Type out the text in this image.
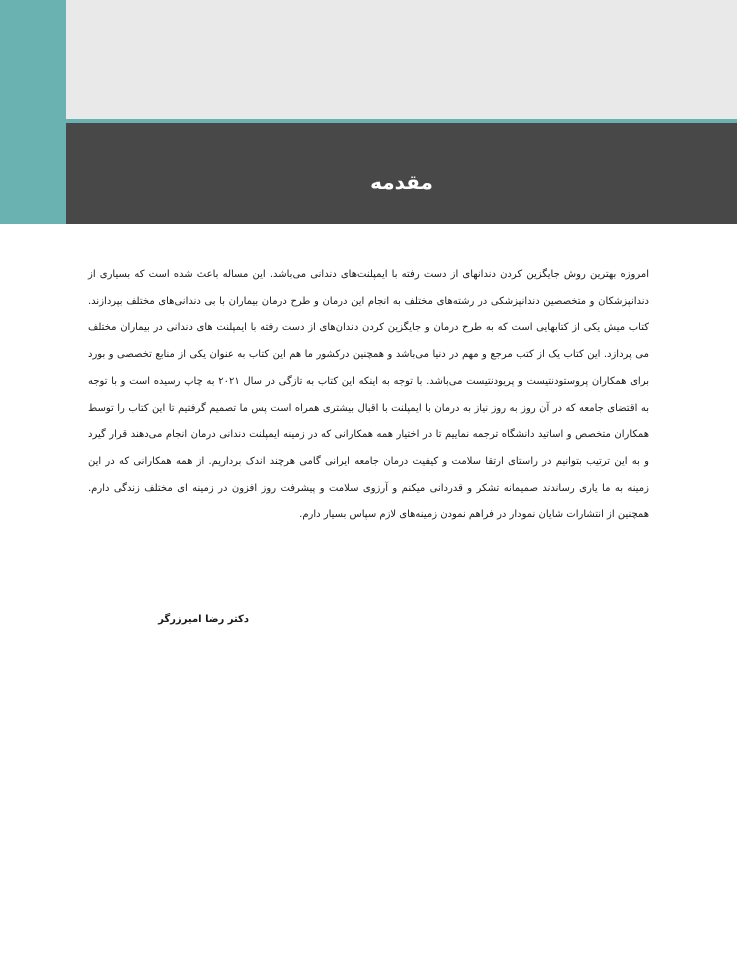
مقدمه

امروزه بهترین روش جایگزین کردن دندانهای از دست رفته با ایمپلنت‌های دندانی می‌باشد. این مساله باعث شده است که بسیاری از دندانپزشکان و متخصصین دندانپزشکی در رشته‌های مختلف به انجام این درمان و طرح درمان بیماران با بی دندانی‌های مختلف بپردازند. کتاب میش یکی از کتابهایی است که به طرح درمان و جایگزین کردن دندان‌های از دست رفته با ایمپلنت های دندانی در بیماران مختلف می پردازد. این کتاب یک از کتب مرجع و مهم در دنیا می‌باشد و همچنین درکشور ما هم این کتاب به عنوان یکی از منابع تخصصی و بورد برای همکاران پروستودنتیست و پریودنتیست می‌باشد. با توجه به اینکه این کتاب به تازگی در سال ۲۰۲۱ به چاپ رسیده است و با توجه به اقتضای جامعه که در آن روز به روز نیاز به درمان با ایمپلنت با اقبال بیشتری همراه است پس ما تصمیم گرفتیم تا این کتاب را توسط همکاران متخصص و اساتید دانشگاه ترجمه نماییم تا در اختیار همه همکارانی که در زمینه ایمپلنت دندانی درمان انجام می‌دهند قرار گیرد و به این ترتیب بتوانیم در راستای ارتقا سلامت و کیفیت درمان جامعه ایرانی گامی هرچند اندک برداریم. از همه همکارانی که در این زمینه به ما یاری رساندند صمیمانه تشکر و قدردانی میکنم و آرزوی سلامت و پیشرفت روز افزون در زمینه ای مختلف زندگی دارم. همچنین از انتشارات شایان نمودار در فراهم نمودن زمینه‌های لازم سپاس بسیار دارم.

دکتر رضا امیرزرگر
